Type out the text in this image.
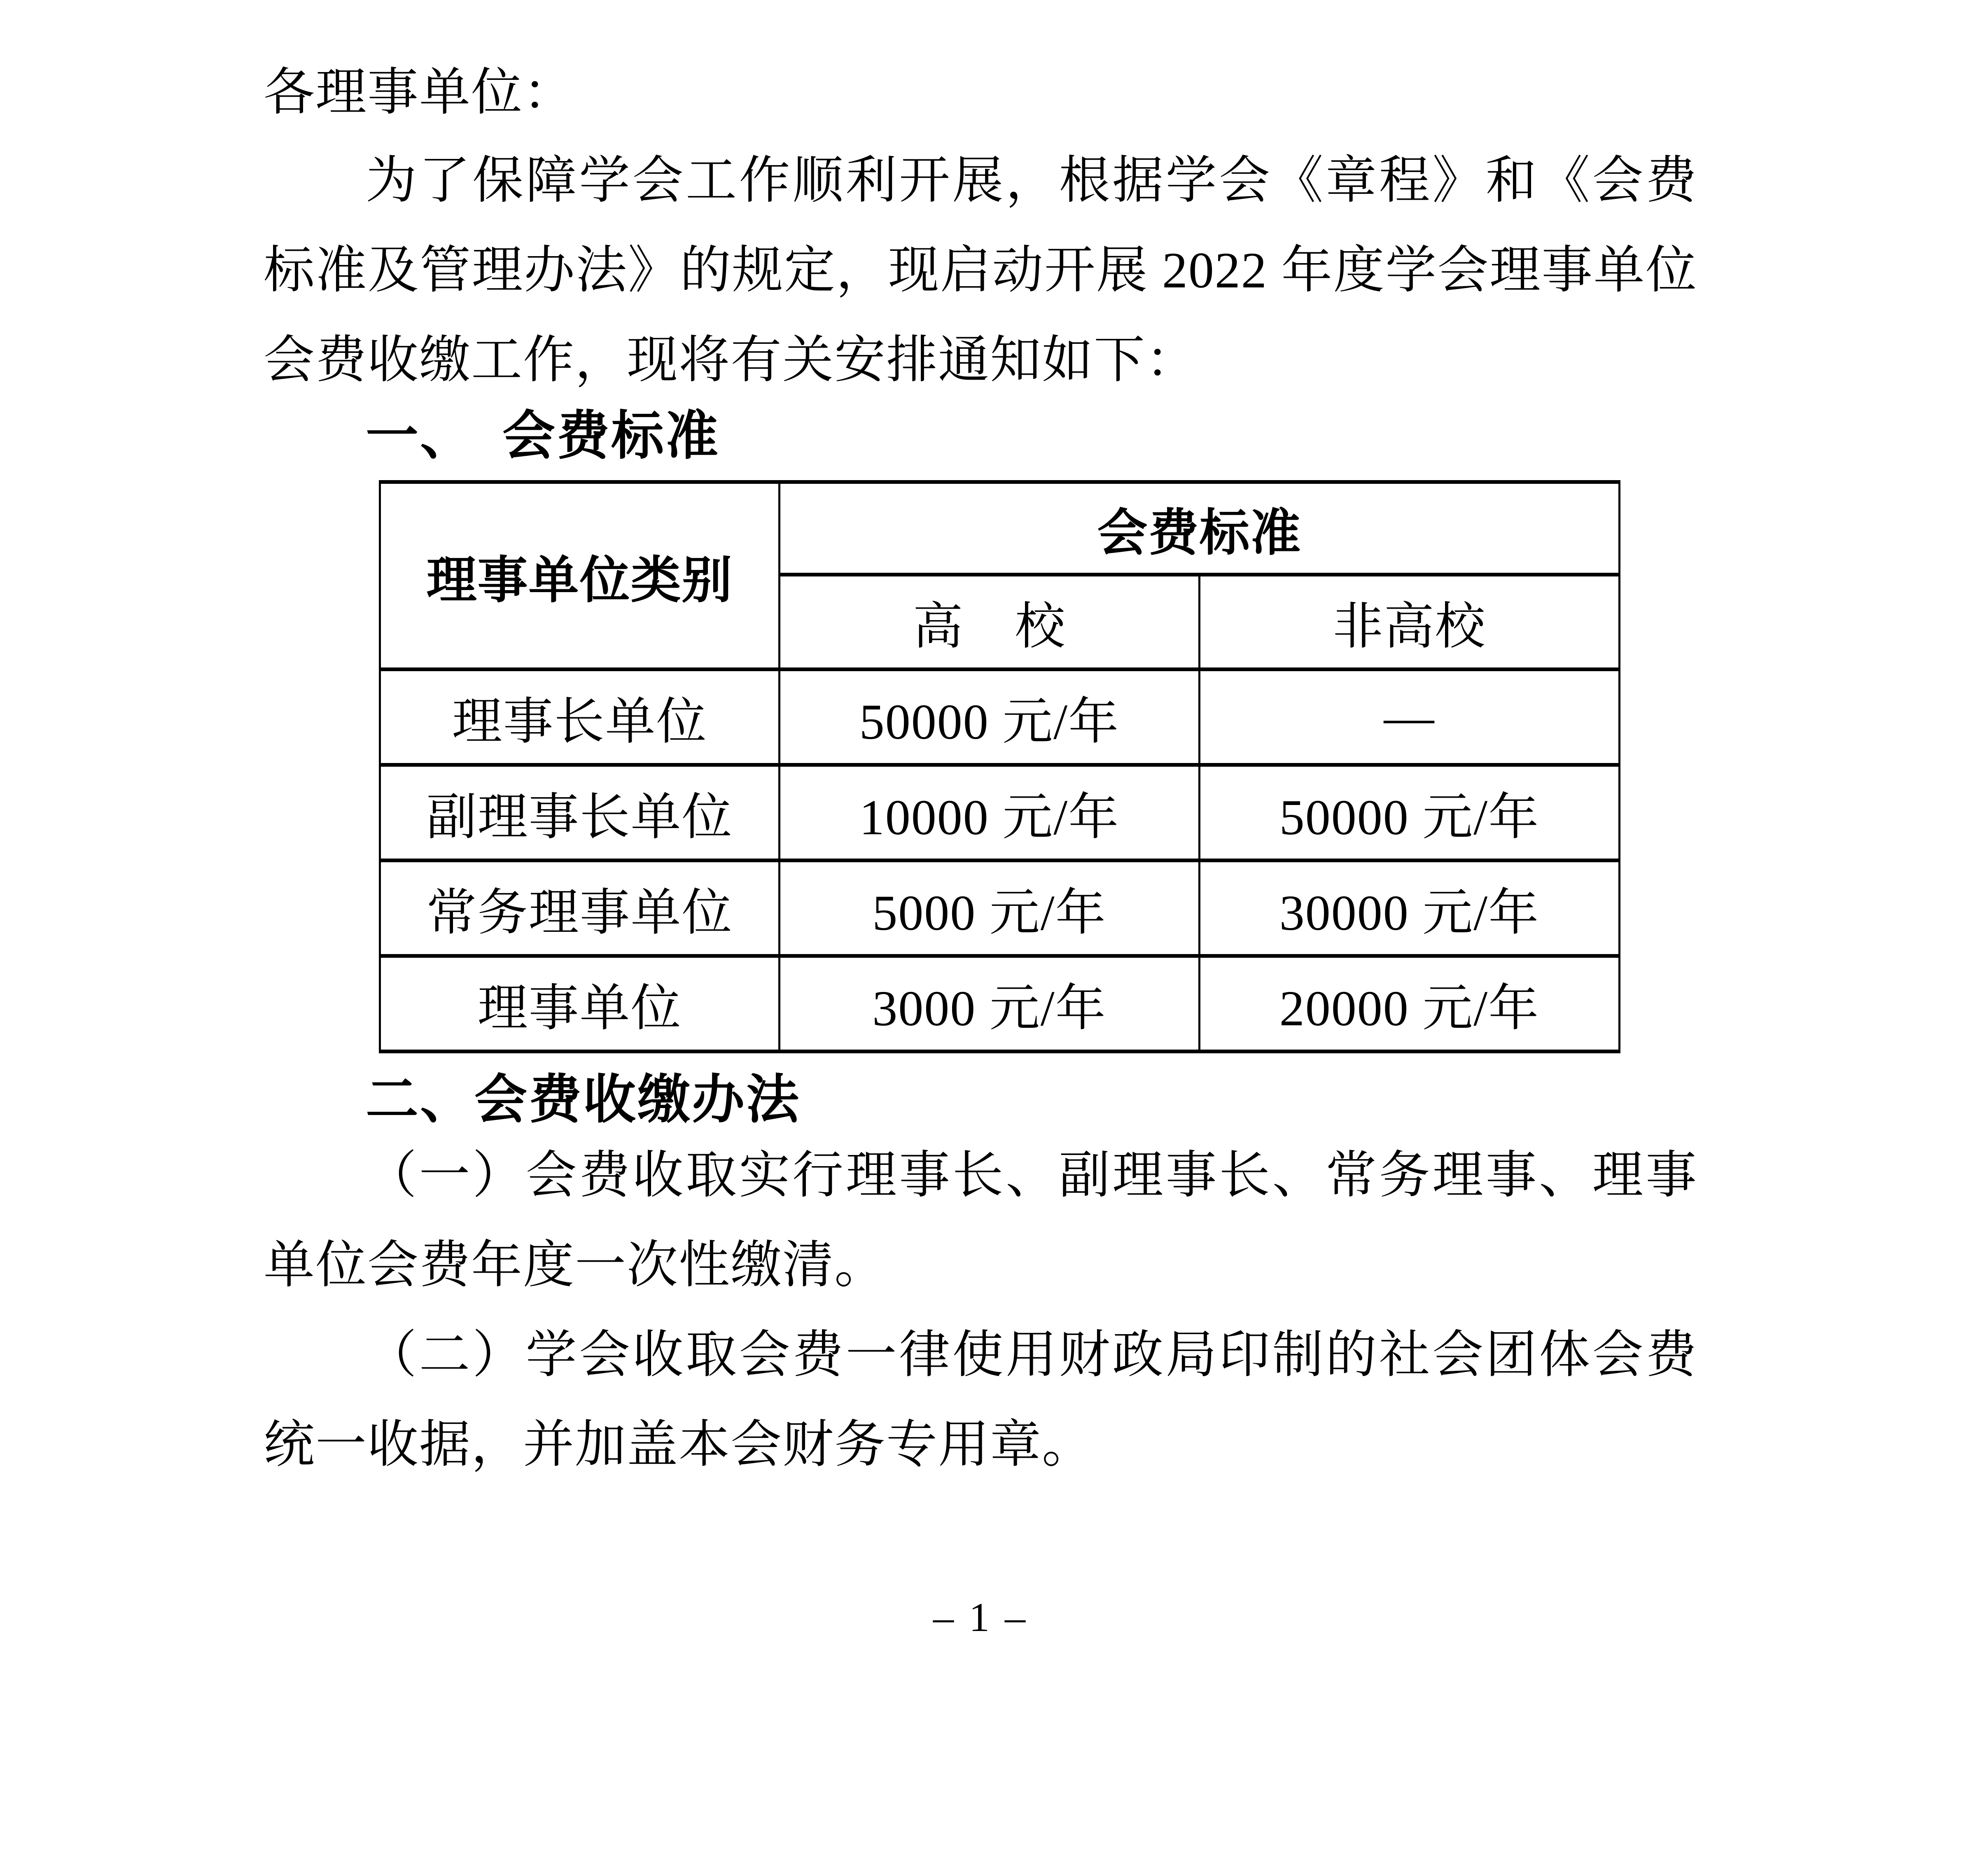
各理事单位：
为了保障学会工作顺利开展，根据学会《章程》和《会费
标准及管理办法》的规定，现启动开展 2022 年度学会理事单位
会费收缴工作，现将有关安排通知如下：
一、　会费标准
理事单位类别	会费标准	
	高　校	非高校
理事长单位	50000 元/年	—
副理事长单位	10000 元/年	50000 元/年
常务理事单位	5000 元/年	30000 元/年
理事单位	3000 元/年	20000 元/年
二、会费收缴办法
（一）会费收取实行理事长、副理事长、常务理事、理事
单位会费年度一次性缴清。
（二）学会收取会费一律使用财政局印制的社会团体会费
统一收据，并加盖本会财务专用章。
– 1 –
